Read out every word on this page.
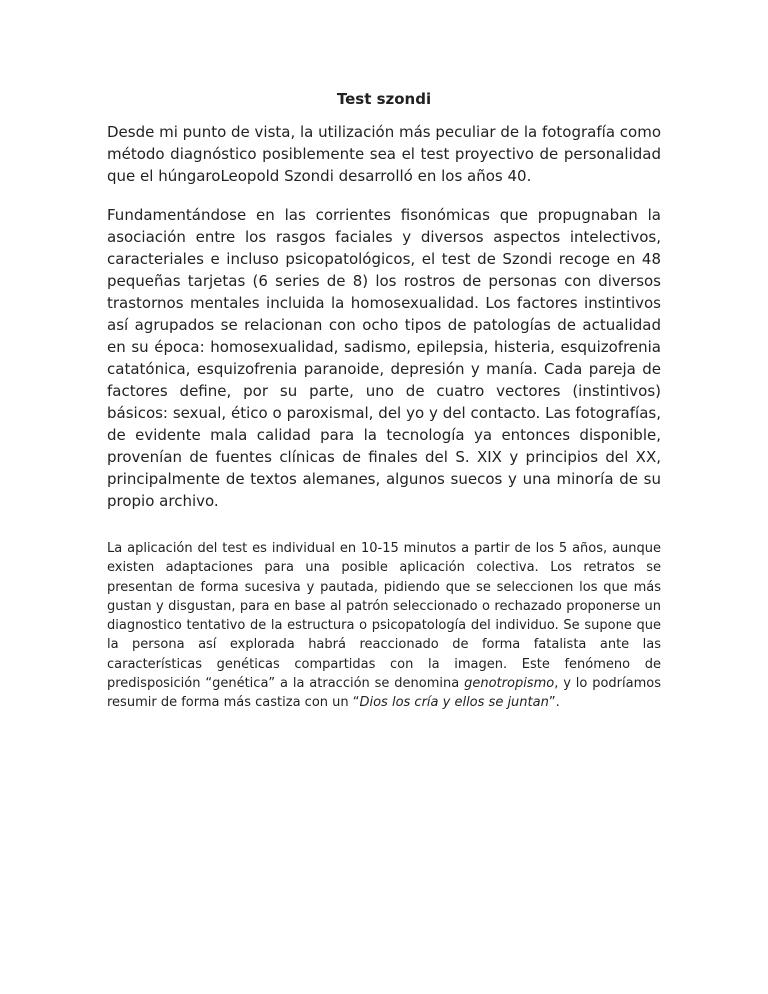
Test szondi

Desde mi punto de vista, la utilización más peculiar de la fotografía como método diagnóstico posiblemente sea el test proyectivo de personalidad que el húngaroLeopold Szondi desarrolló en los años 40.

Fundamentándose en las corrientes fisonómicas que propugnaban la asociación entre los rasgos faciales y diversos aspectos intelectivos, caracteriales e incluso psicopatológicos, el test de Szondi recoge en 48 pequeñas tarjetas (6 series de 8) los rostros de personas con diversos trastornos mentales incluida la homosexualidad. Los factores instintivos así agrupados se relacionan con ocho tipos de patologías de actualidad en su época: homosexualidad, sadismo, epilepsia, histeria, esquizofrenia catatónica, esquizofrenia paranoide, depresión y manía. Cada pareja de factores define, por su parte, uno de cuatro vectores (instintivos) básicos: sexual, ético o paroxismal, del yo y del contacto. Las fotografías, de evidente mala calidad para la tecnología ya entonces disponible, provenían de fuentes clínicas de finales del S. XIX y principios del XX, principalmente de textos alemanes, algunos suecos y una minoría de su propio archivo.

La aplicación del test es individual en 10-15 minutos a partir de los 5 años, aunque existen adaptaciones para una posible aplicación colectiva. Los retratos se presentan de forma sucesiva y pautada, pidiendo que se seleccionen los que más gustan y disgustan, para en base al patrón seleccionado o rechazado proponerse un diagnostico tentativo de la estructura o psicopatología del individuo. Se supone que la persona así explorada habrá reaccionado de forma fatalista ante las características genéticas compartidas con la imagen. Este fenómeno de predisposición “genética” a la atracción se denomina genotropismo, y lo podríamos resumir de forma más castiza con un “Dios los cría y ellos se juntan”.
